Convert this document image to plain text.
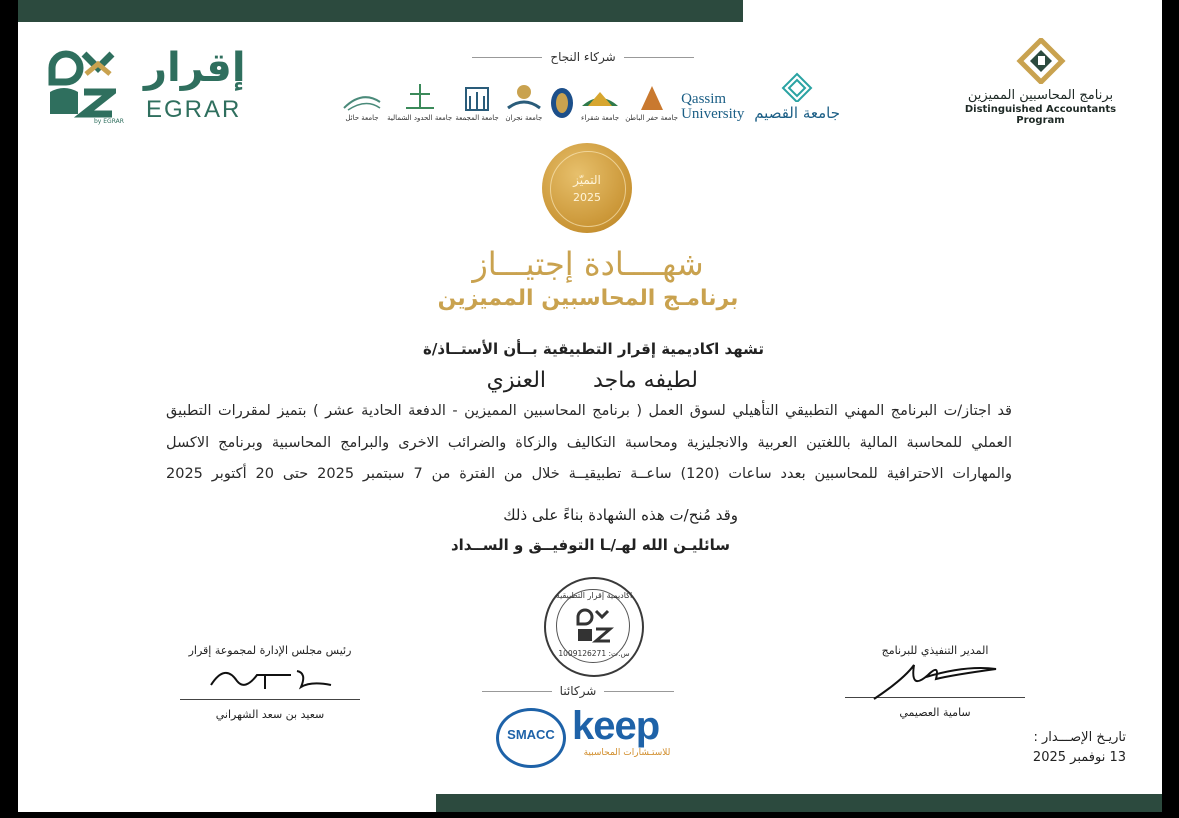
برنامج المحاسبين المميزين
Distinguished Accountants Program
إقرار
EGRAR
by EGRAR
شركاء النجاح
جامعة حائل	جامعة الحدود الشمالية جامعة المجمعة جامعة نجران	جامعة شقراء جامعة حفر الباطن
Qassim University جامعة القصيم
التميّز
2025
شهــــادة إجتيـــاز
برنامـج المحاسبين المميزين
تشهد اكاديمية إقرار التطبيقية بــأن الأستــاذ/ة
لطيفه ماجد العنزي
قد اجتاز/ت البرنامج المهني التطبيقي التأهيلي لسوق العمل ( برنامج المحاسبين المميزين - الدفعة الحادية عشر ) بتميز لمقررات التطبيق
العملي للمحاسبة المالية باللغتين العربية والانجليزية ومحاسبة التكاليف والزكاة والضرائب الاخرى والبرامج المحاسبية وبرنامج الاكسل
والمهارات الاحترافية للمحاسبين بعدد ساعات (120) ساعــة تطبيقيــة خلال من الفترة من 7 سبتمبر 2025 حتى 20 أكتوبر 2025
وقد مُنح/ت هذه الشهادة بناءً على ذلك
سائليـن الله لهـ/ـا التوفيــق و الســداد
اكاديمية إقرار التطبيقية
س.ت: 1009126271
رئيس مجلس الإدارة لمجموعة إقرار
سعيد بن سعد الشهراني
المدير التنفيذي للبرنامج
سامية العصيمي
شركائنا
SMACC keep
للاستـشارات المحاسبية
تاريـخ الإصـــدار :
13 نوفمبر 2025
